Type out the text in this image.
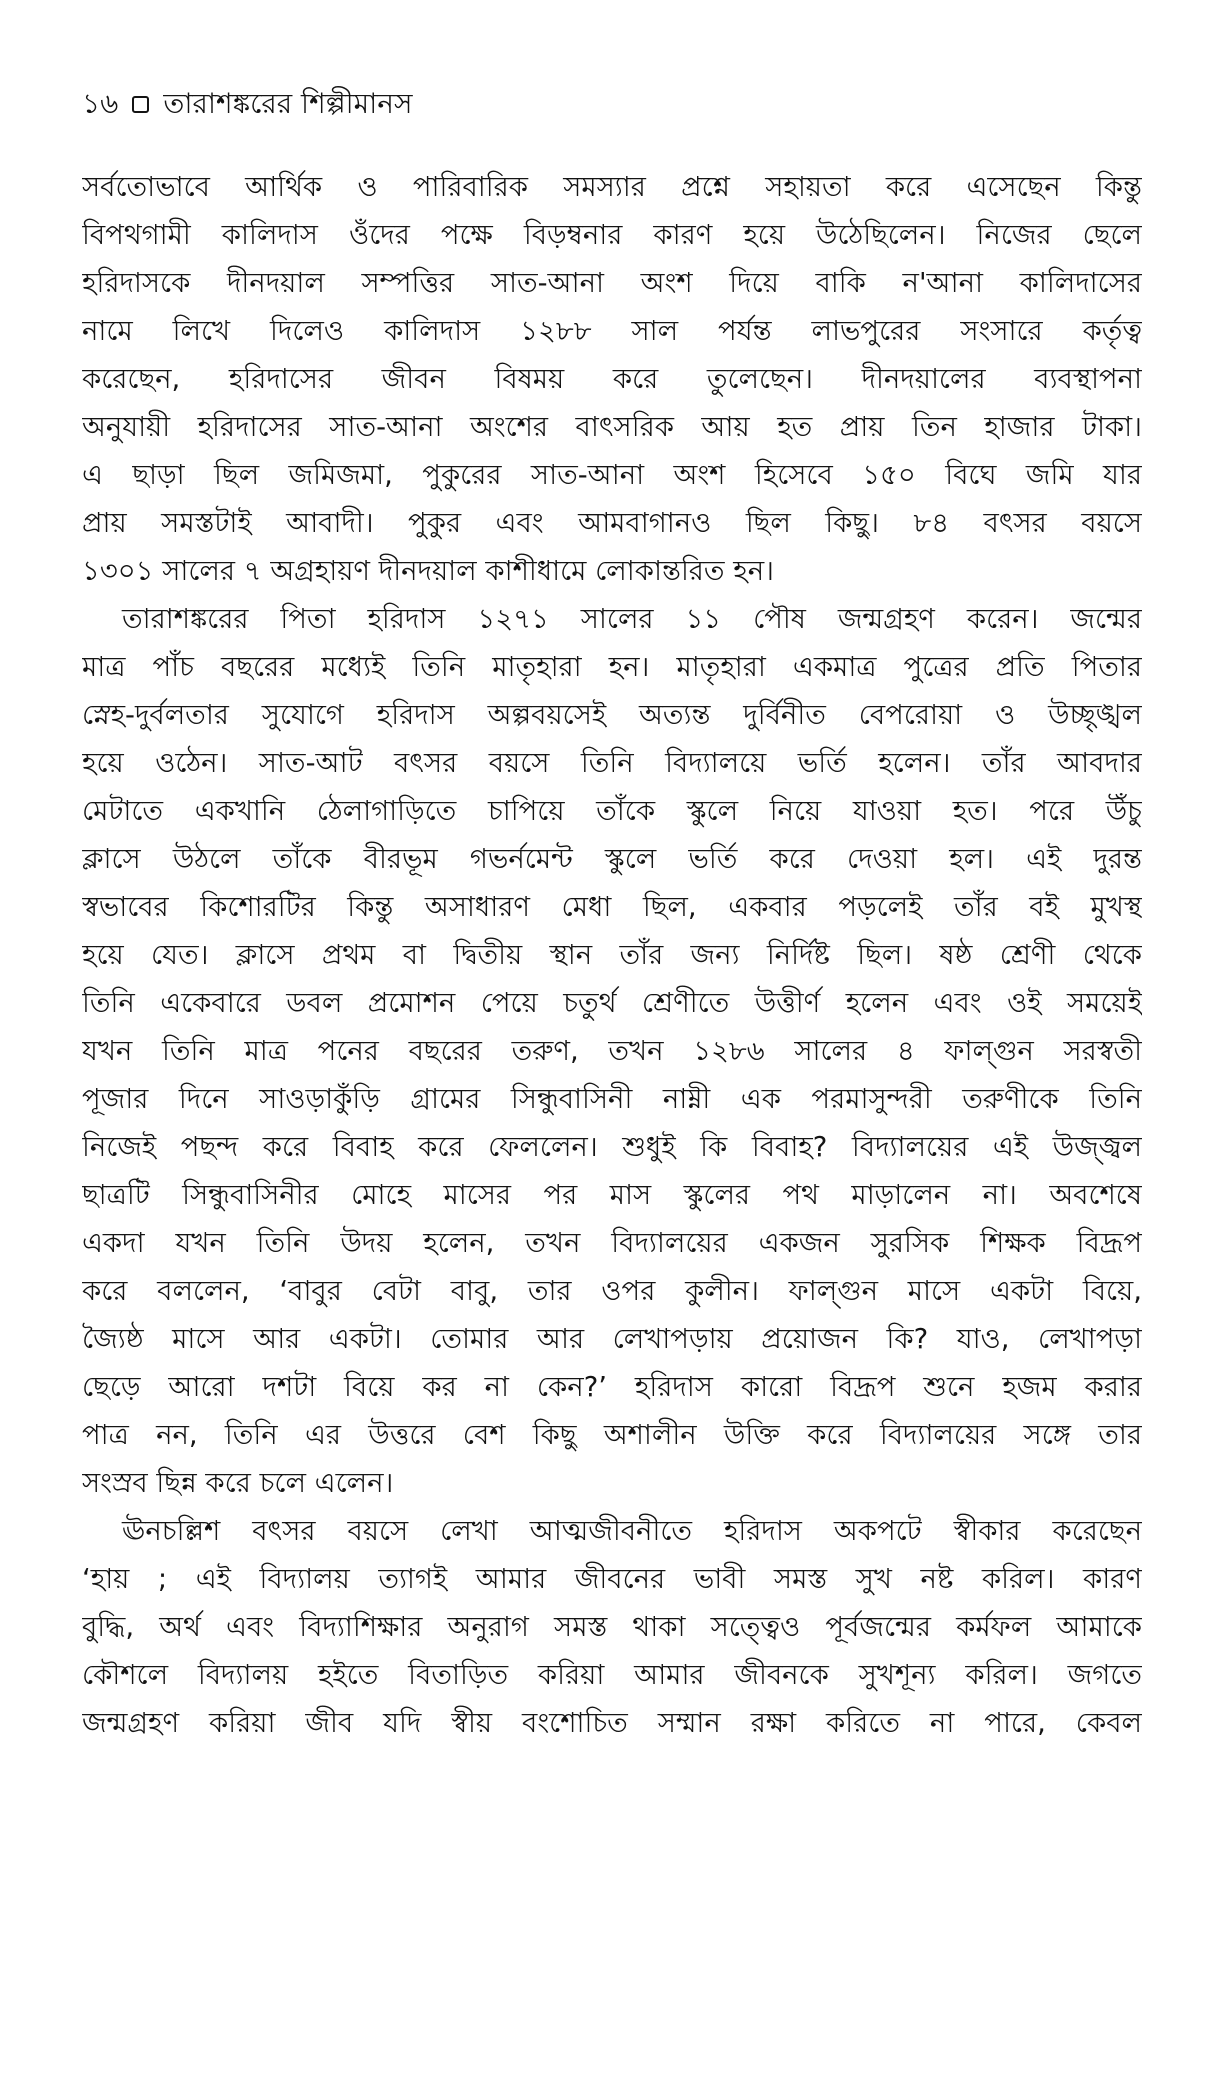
১৬ তারাশঙ্করের শিল্পীমানস
সর্বতোভাবে আর্থিক ও পারিবারিক সমস্যার প্রশ্নে সহায়তা করে এসেছেন কিন্তু
বিপথগামী কালিদাস ওঁদের পক্ষে বিড়ম্বনার কারণ হয়ে উঠেছিলেন। নিজের ছেলে
হরিদাসকে দীনদয়াল সম্পত্তির সাত-আনা অংশ দিয়ে বাকি ন'আনা কালিদাসের
নামে লিখে দিলেও কালিদাস ১২৮৮ সাল পর্যন্ত লাভপুরের সংসারে কর্তৃত্ব
করেছেন, হরিদাসের জীবন বিষময় করে তুলেছেন। দীনদয়ালের ব্যবস্থাপনা
অনুযায়ী হরিদাসের সাত-আনা অংশের বাৎসরিক আয় হত প্রায় তিন হাজার টাকা।
এ ছাড়া ছিল জমিজমা, পুকুরের সাত-আনা অংশ হিসেবে ১৫০ বিঘে জমি যার
প্রায় সমস্তটাই আবাদী। পুকুর এবং আমবাগানও ছিল কিছু। ৮৪ বৎসর বয়সে
১৩০১ সালের ৭ অগ্রহায়ণ দীনদয়াল কাশীধামে লোকান্তরিত হন।
তারাশঙ্করের পিতা হরিদাস ১২৭১ সালের ১১ পৌষ জন্মগ্রহণ করেন। জন্মের
মাত্র পাঁচ বছরের মধ্যেই তিনি মাতৃহারা হন। মাতৃহারা একমাত্র পুত্রের প্রতি পিতার
স্নেহ-দুর্বলতার সুযোগে হরিদাস অল্পবয়সেই অত্যন্ত দুর্বিনীত বেপরোয়া ও উচ্ছৃঙ্খল
হয়ে ওঠেন। সাত-আট বৎসর বয়সে তিনি বিদ্যালয়ে ভর্তি হলেন। তাঁর আবদার
মেটাতে একখানি ঠেলাগাড়িতে চাপিয়ে তাঁকে স্কুলে নিয়ে যাওয়া হত। পরে উঁচু
ক্লাসে উঠলে তাঁকে বীরভূম গভর্নমেন্ট স্কুলে ভর্তি করে দেওয়া হল। এই দুরন্ত
স্বভাবের কিশোরটির কিন্তু অসাধারণ মেধা ছিল, একবার পড়লেই তাঁর বই মুখস্থ
হয়ে যেত। ক্লাসে প্রথম বা দ্বিতীয় স্থান তাঁর জন্য নির্দিষ্ট ছিল। ষষ্ঠ শ্রেণী থেকে
তিনি একেবারে ডবল প্রমোশন পেয়ে চতুর্থ শ্রেণীতে উত্তীর্ণ হলেন এবং ওই সময়েই
যখন তিনি মাত্র পনের বছরের তরুণ, তখন ১২৮৬ সালের ৪ ফাল্গুন সরস্বতী
পূজার দিনে সাওড়াকুঁড়ি গ্রামের সিন্ধুবাসিনী নাম্নী এক পরমাসুন্দরী তরুণীকে তিনি
নিজেই পছন্দ করে বিবাহ করে ফেললেন। শুধুই কি বিবাহ? বিদ্যালয়ের এই উজ্জ্বল
ছাত্রটি সিন্ধুবাসিনীর মোহে মাসের পর মাস স্কুলের পথ মাড়ালেন না। অবশেষে
একদা যখন তিনি উদয় হলেন, তখন বিদ্যালয়ের একজন সুরসিক শিক্ষক বিদ্রূপ
করে বললেন, ‘বাবুর বেটা বাবু, তার ওপর কুলীন। ফাল্গুন মাসে একটা বিয়ে,
জ্যৈষ্ঠ মাসে আর একটা। তোমার আর লেখাপড়ায় প্রয়োজন কি? যাও, লেখাপড়া
ছেড়ে আরো দশটা বিয়ে কর না কেন?’ হরিদাস কারো বিদ্রূপ শুনে হজম করার
পাত্র নন, তিনি এর উত্তরে বেশ কিছু অশালীন উক্তি করে বিদ্যালয়ের সঙ্গে তার
সংস্রব ছিন্ন করে চলে এলেন।
ঊনচল্লিশ বৎসর বয়সে লেখা আত্মজীবনীতে হরিদাস অকপটে স্বীকার করেছেন
‘হায় ; এই বিদ্যালয় ত্যাগই আমার জীবনের ভাবী সমস্ত সুখ নষ্ট করিল। কারণ
বুদ্ধি, অর্থ এবং বিদ্যাশিক্ষার অনুরাগ সমস্ত থাকা সত্ত্বেও পূর্বজন্মের কর্মফল আমাকে
কৌশলে বিদ্যালয় হইতে বিতাড়িত করিয়া আমার জীবনকে সুখশূন্য করিল। জগতে
জন্মগ্রহণ করিয়া জীব যদি স্বীয় বংশোচিত সম্মান রক্ষা করিতে না পারে, কেবল
